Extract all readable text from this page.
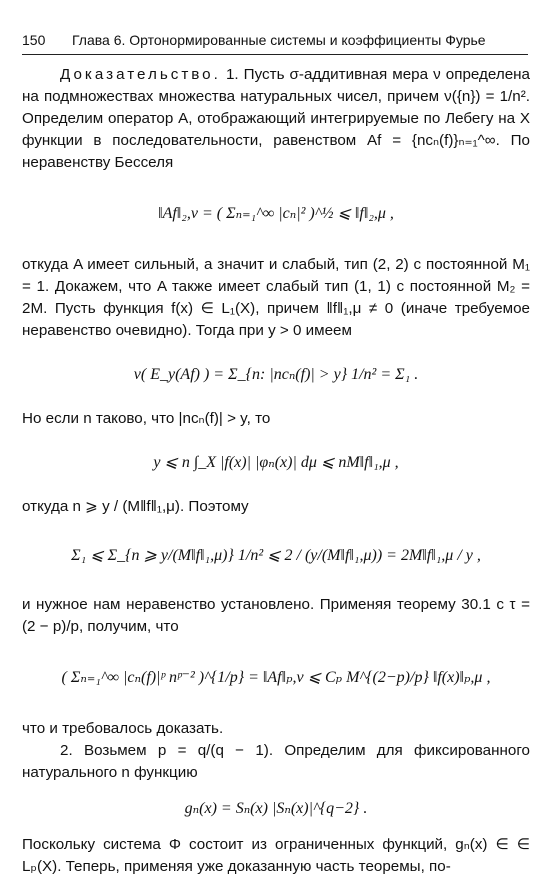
150 Глава 6. Ортонормированные системы и коэффициенты Фурье

Доказательство. 1. Пусть σ-аддитивная мера ν определена на подмножествах множества натуральных чисел, причем ν({n}) = 1/n². Определим оператор A, отображающий интегрируемые по Лебегу на X функции в последовательности, равенством Af = {ncₙ(f)}ₙ₌₁^∞. По неравенству Бесселя

‖Af‖₂,ν = ( Σₙ₌₁^∞ |cₙ|² )^½ ⩽ ‖f‖₂,μ ,

откуда A имеет сильный, а значит и слабый, тип (2, 2) с постоянной M₁ = 1. Докажем, что A также имеет слабый тип (1, 1) с постоянной M₂ = 2M. Пусть функция f(x) ∈ L₁(X), причем ‖f‖₁,μ ≠ 0 (иначе требуемое неравенство очевидно). Тогда при y > 0 имеем

ν( E_y(Af) ) = Σ_{n: |ncₙ(f)| > y} 1/n² = Σ₁ .

Но если n таково, что |ncₙ(f)| > y, то

y ⩽ n ∫_X |f(x)| |φₙ(x)| dμ ⩽ nM‖f‖₁,μ ,

откуда n ⩾ y / (M‖f‖₁,μ). Поэтому

Σ₁ ⩽ Σ_{n ⩾ y/(M‖f‖₁,μ)} 1/n² ⩽ 2 / (y/(M‖f‖₁,μ)) = 2M‖f‖₁,μ / y ,

и нужное нам неравенство установлено. Применяя теорему 30.1 с τ = (2 − p)/p, получим, что

( Σₙ₌₁^∞ |cₙ(f)|ᵖ nᵖ⁻² )^{1/p} = ‖Af‖ₚ,ν ⩽ Cₚ M^{(2−p)/p} ‖f(x)‖ₚ,μ ,

что и требовалось доказать.

2. Возьмем p = q/(q − 1). Определим для фиксированного натурального n функцию

gₙ(x) = Sₙ(x) |Sₙ(x)|^{q−2} .

Поскольку система Φ состоит из ограниченных функций, gₙ(x) ∈ ∈ Lₚ(X). Теперь, применяя уже доказанную часть теоремы, по-
